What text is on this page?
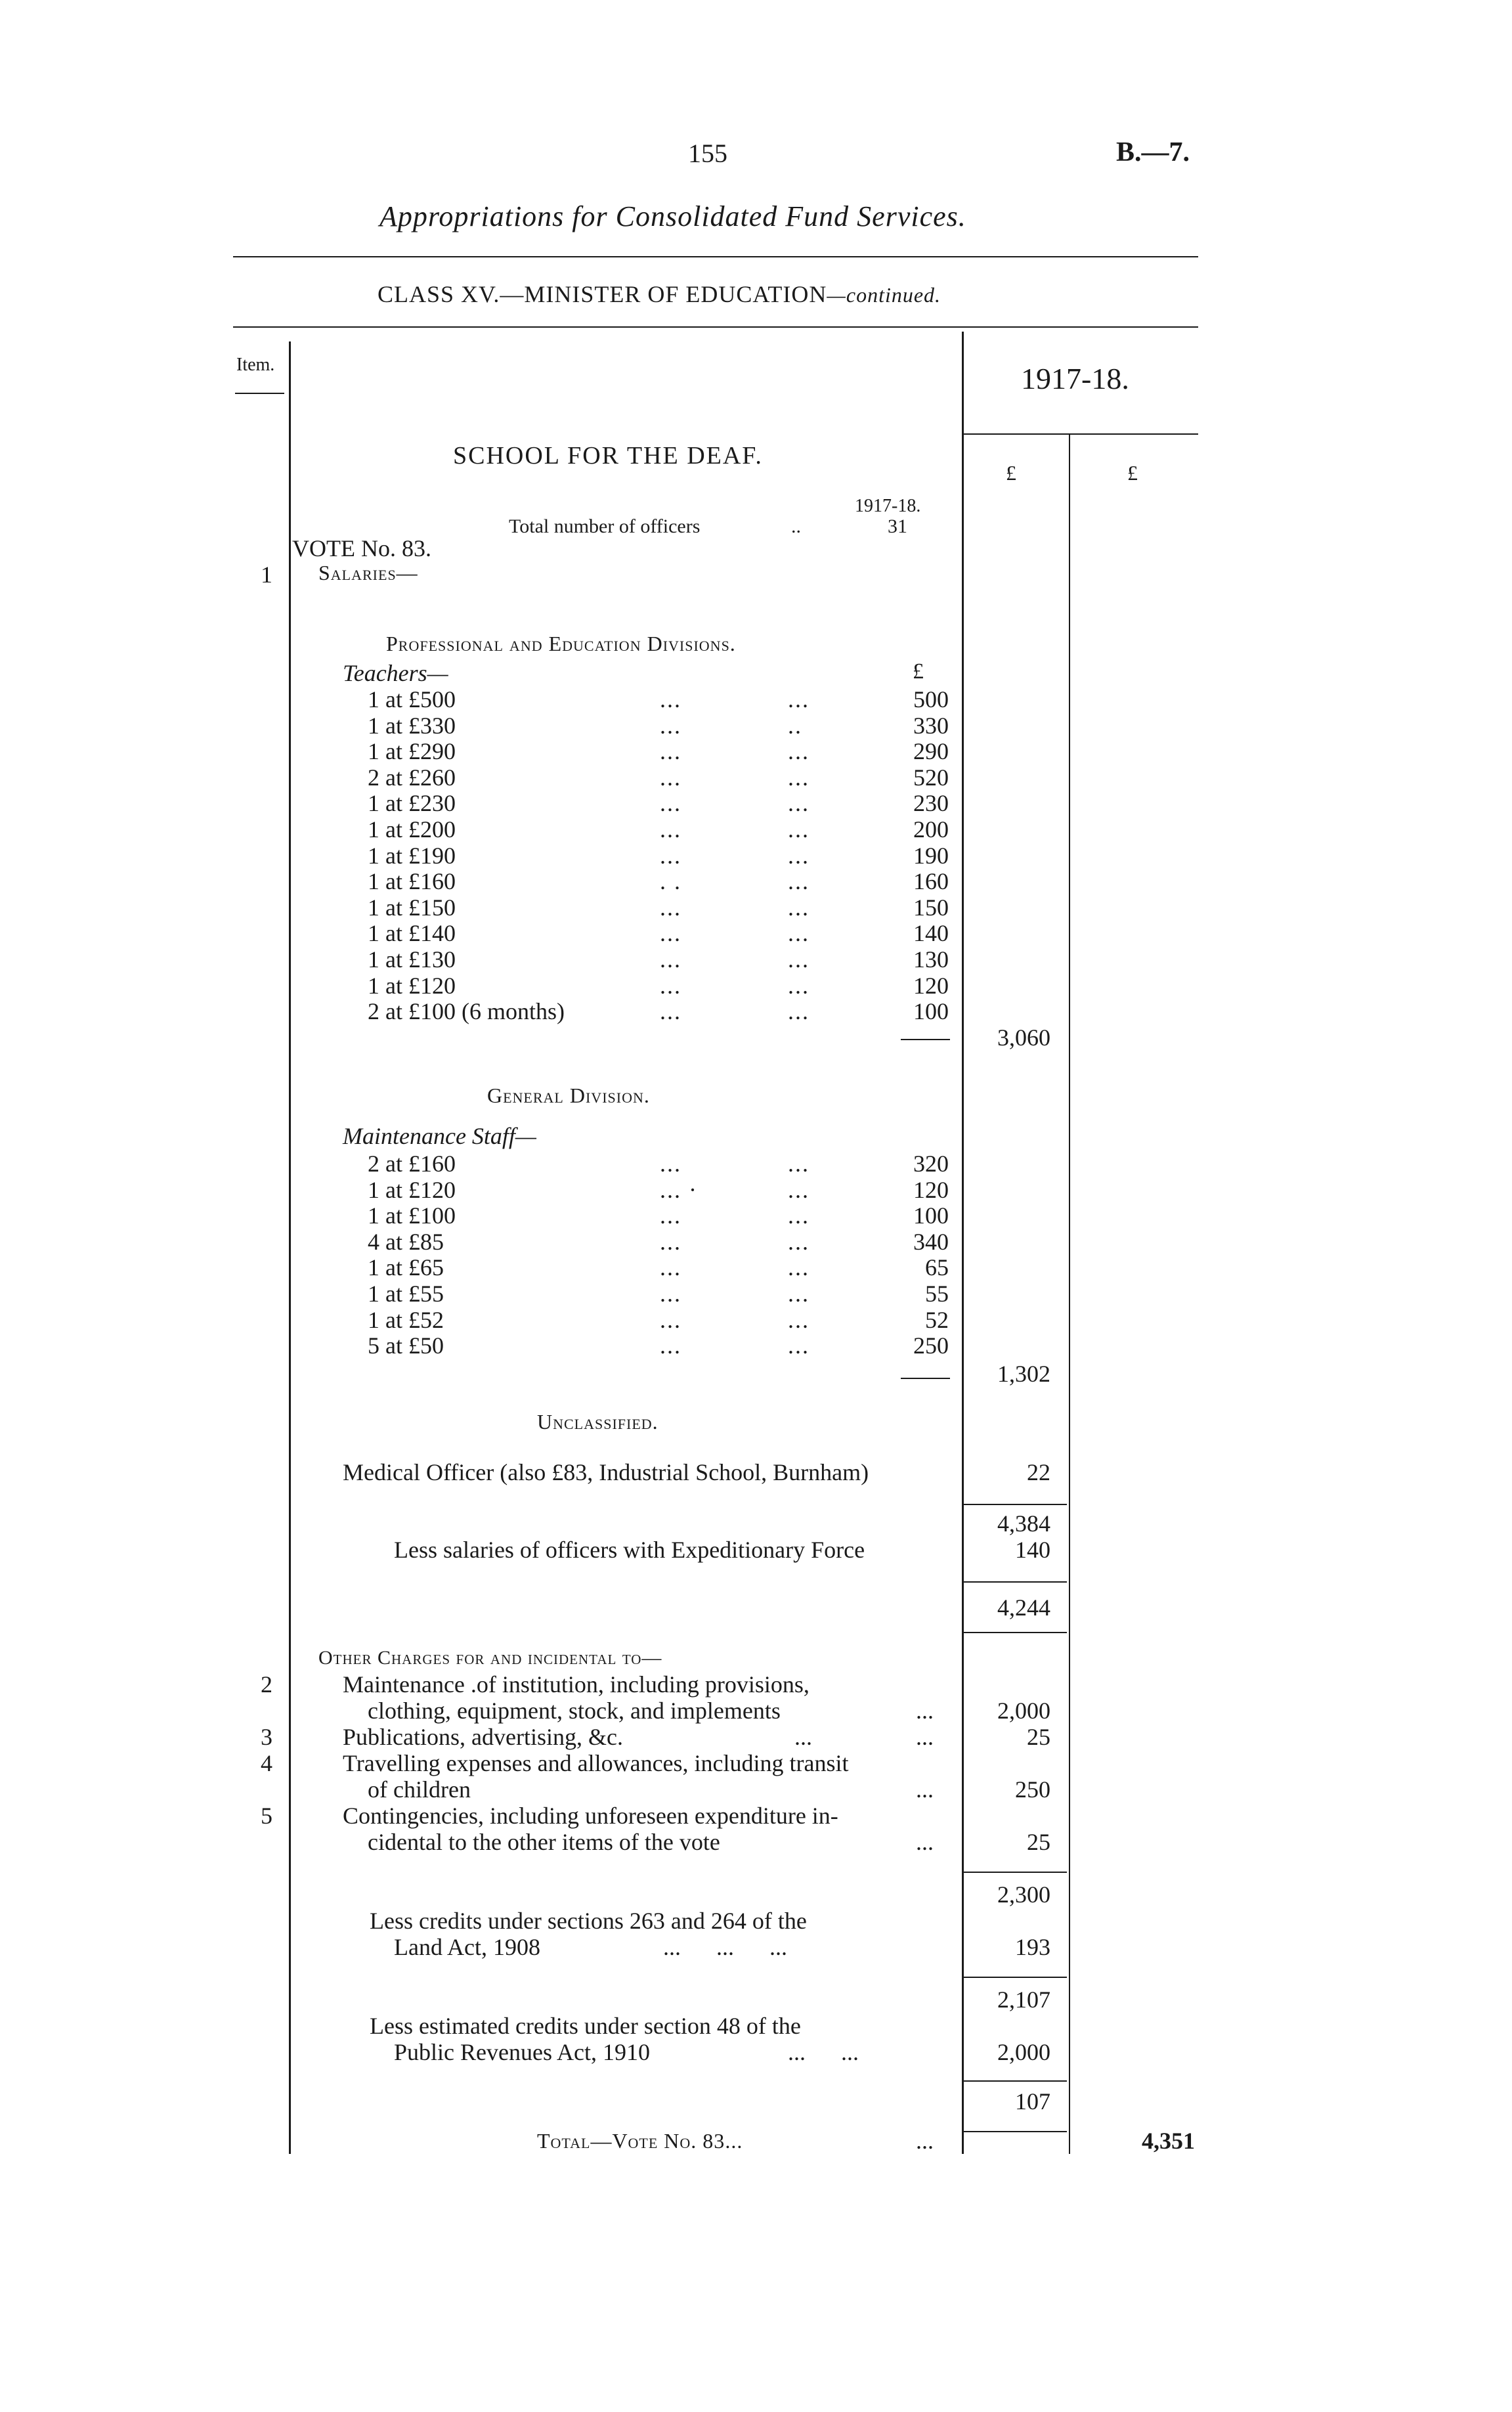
155	B.—7.
Appropriations for Consolidated Fund Services.
CLASS XV.—MINISTER OF EDUCATION—continued.
Item.	1917-18.
£	£
SCHOOL FOR THE DEAF.
1917-18.
Total number of officers	..	31
VOTE No. 83.
1 Salaries—
Professional and Education Divisions.
Teachers—	£
1 at £500	...	...	500
1 at £330	...	..	330
1 at £290	...	...	290
2 at £260	...	...	520
1 at £230	...	...	230
1 at £200	...	...	200
1 at £190	...	...	190
1 at £160	. .	...	160
1 at £150	...	...	150
1 at £140	...	...	140
1 at £130	...	...	130
1 at £120	...	...	120
2 at £100 (6 months)	...	...	100
3,060
General Division.
Maintenance Staff—
2 at £160	...	...	320
1 at £120	... ·	...	120
1 at £100	...	...	100
4 at £85	...	...	340
1 at £65	...	...	65
1 at £55	...	...	55
1 at £52	...	...	52
5 at £50	...	...	250
1,302
Unclassified.
Medical Officer (also £83, Industrial School, Burnham)	22
4,384
Less salaries of officers with Expeditionary Force	140
4,244
Other Charges for and incidental to—
2	Maintenance .of institution, including provisions,
clothing, equipment, stock, and implements	...	2,000
3	Publications, advertising, &c.	...	...	25
4	Travelling expenses and allowances, including transit
of children	...	250
5	Contingencies, including unforeseen expenditure in-
cidental to the other items of the vote	...	25
2,300
Less credits under sections 263 and 264 of the
Land Act, 1908	...      ...      ...	193
2,107
Less estimated credits under section 48 of the
Public Revenues Act, 1910	...      ...	2,000
107
Total—Vote No. 83...	...	4,351
